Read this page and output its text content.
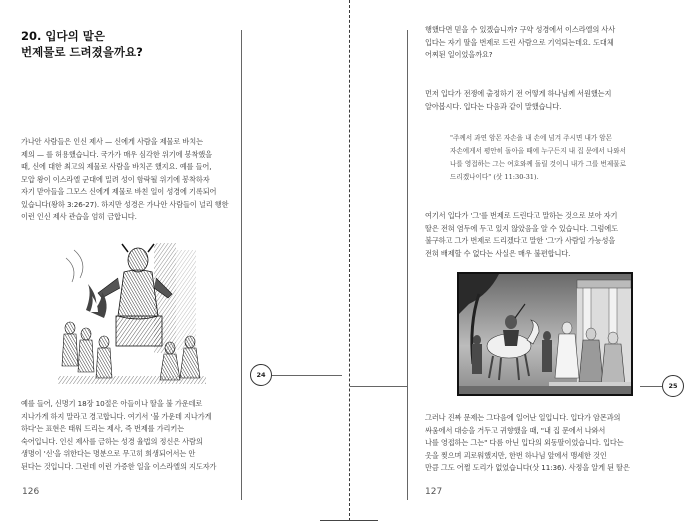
20. 입다의 말은
번제물로 드려졌을까요?

가나안 사람들은 인신 제사 — 신에게 사람을 제물로 바치는

제의 — 를 허용했습니다. 국가가 매우 심각한 위기에 봉착했을

때, 신에 대한 최고의 제물로 사람을 바치곤 했지요. 예를 들어,

모압 왕이 이스라엘 군대에 밀려 성이 함락될 위기에 봉착하자

자기 맏아들을 그모스 신에게 제물로 바친 일이 성경에 기록되어

있습니다(왕하 3:26-27). 하지만 성경은 가나안 사람들이 널리 행한

이런 인신 제사 관습을 엄히 금합니다.

24

예를 들어, 신명기 18장 10절은 아들이나 딸을 불 가운데로

지나가게 하지 말라고 경고합니다. 여기서 '불 가운데 지나가게

하다'는 표현은 태워 드리는 제사, 즉 번제를 가리키는

숙어입니다. 인신 제사를 금하는 성경 율법의 정신은 사람의

생명이 '신'을 위한다는 명분으로 무고히 희생되어서는 안

된다는 것입니다. 그런데 이런 가증한 일을 이스라엘의 지도자가

126

행했다면 믿을 수 있겠습니까? 구약 성경에서 이스라엘의 사사

입다는 자기 딸을 번제로 드린 사람으로 기억되는데요. 도대체

어찌된 일이었을까요?

먼저 입다가 전쟁에 출정하기 전 어떻게 하나님께 서원했는지

알아봅시다. 입다는 다음과 같이 말했습니다.

"주께서 과연 암몬 자손을 내 손에 넘겨 주시면 내가 암몬
자손에게서 평안히 돌아올 때에 누구든지 내 집 문에서 나와서
나를 영접하는 그는 여호와께 돌릴 것이니 내가 그를 번제물로
드리겠나이다" (삿 11:30-31).

여기서 입다가 '그'를 번제로 드린다고 말하는 것으로 보아 자기

딸은 전혀 염두에 두고 있지 않았음을 알 수 있습니다. 그럼에도

불구하고 그가 번제로 드리겠다고 말한 '그'가 사람일 가능성을

전혀 배제할 수 없다는 사실은 매우 불편합니다.

25

그러나 진짜 문제는 그다음에 일어난 일입니다. 입다가 암몬과의

싸움에서 대승을 거두고 귀향했을 때, "내 집 문에서 나와서

나를 영접하는 그는" 다름 아닌 입다의 외동딸이었습니다. 입다는

옷을 찢으며 괴로워했지만, 한번 하나님 앞에서 맹세한 것인

만큼 그도 어쩔 도리가 없었습니다(삿 11:36). 사정을 알게 된 딸은

127
